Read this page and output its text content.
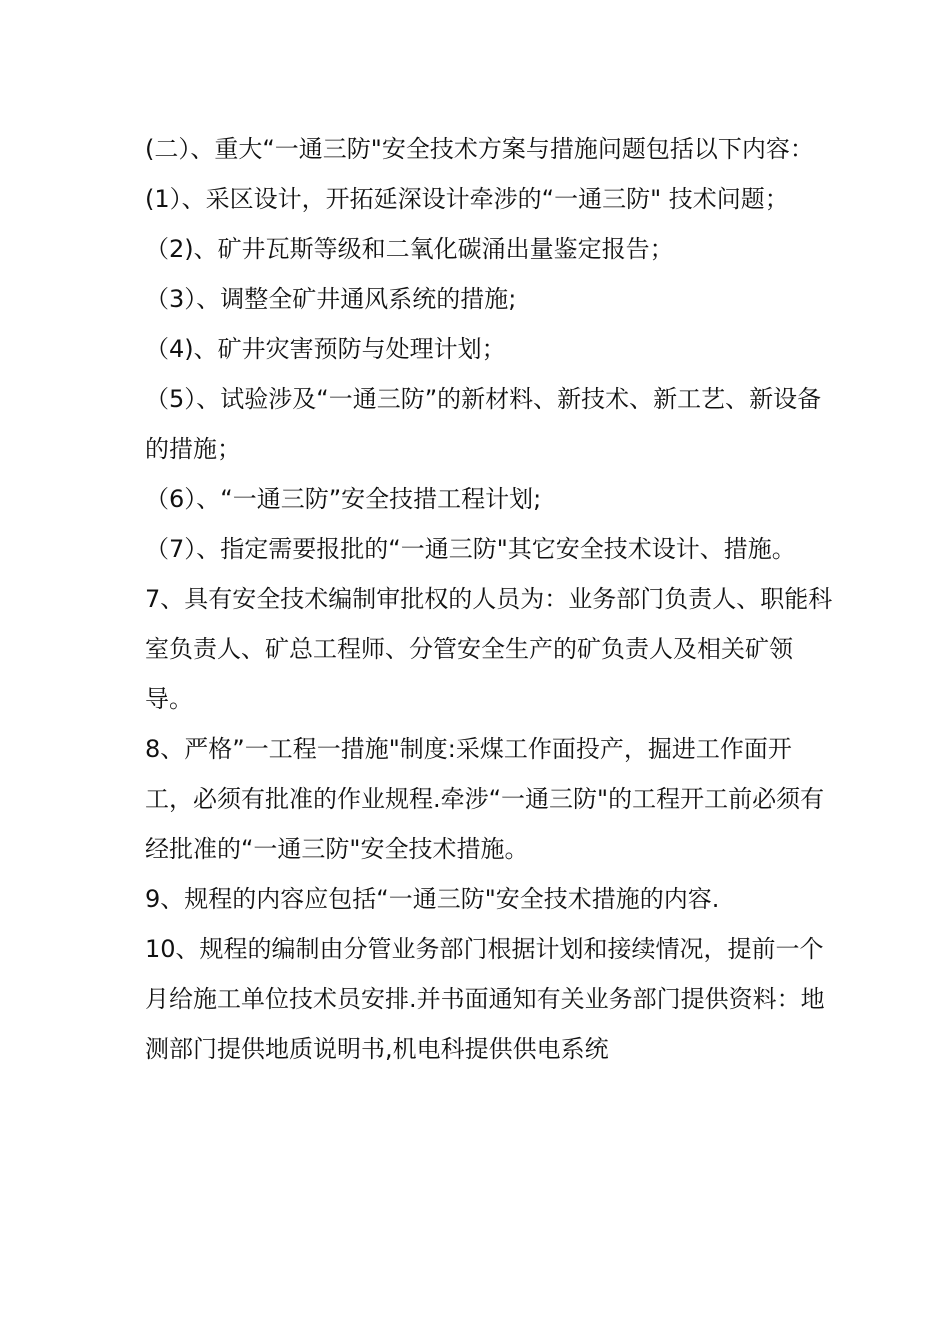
(二）、重大“一通三防"安全技术方案与措施问题包括以下内容：

(1）、采区设计，开拓延深设计牵涉的“一通三防" 技术问题；

（2)、矿井瓦斯等级和二氧化碳涌出量鉴定报告；

（3）、调整全矿井通风系统的措施;

（4)、矿井灾害预防与处理计划；

（5）、试验涉及“一通三防”的新材料、新技术、新工艺、新设备的措施；

（6）、“一通三防”安全技措工程计划;

（7）、指定需要报批的“一通三防"其它安全技术设计、措施。

7、具有安全技术编制审批权的人员为：业务部门负责人、职能科室负责人、矿总工程师、分管安全生产的矿负责人及相关矿领导。

8、严格”一工程一措施"制度:采煤工作面投产，掘进工作面开工，必须有批准的作业规程.牵涉“一通三防"的工程开工前必须有经批准的“一通三防"安全技术措施。

9、规程的内容应包括“一通三防"安全技术措施的内容.

10、规程的编制由分管业务部门根据计划和接续情况，提前一个月给施工单位技术员安排.并书面通知有关业务部门提供资料：地测部门提供地质说明书,机电科提供供电系统
